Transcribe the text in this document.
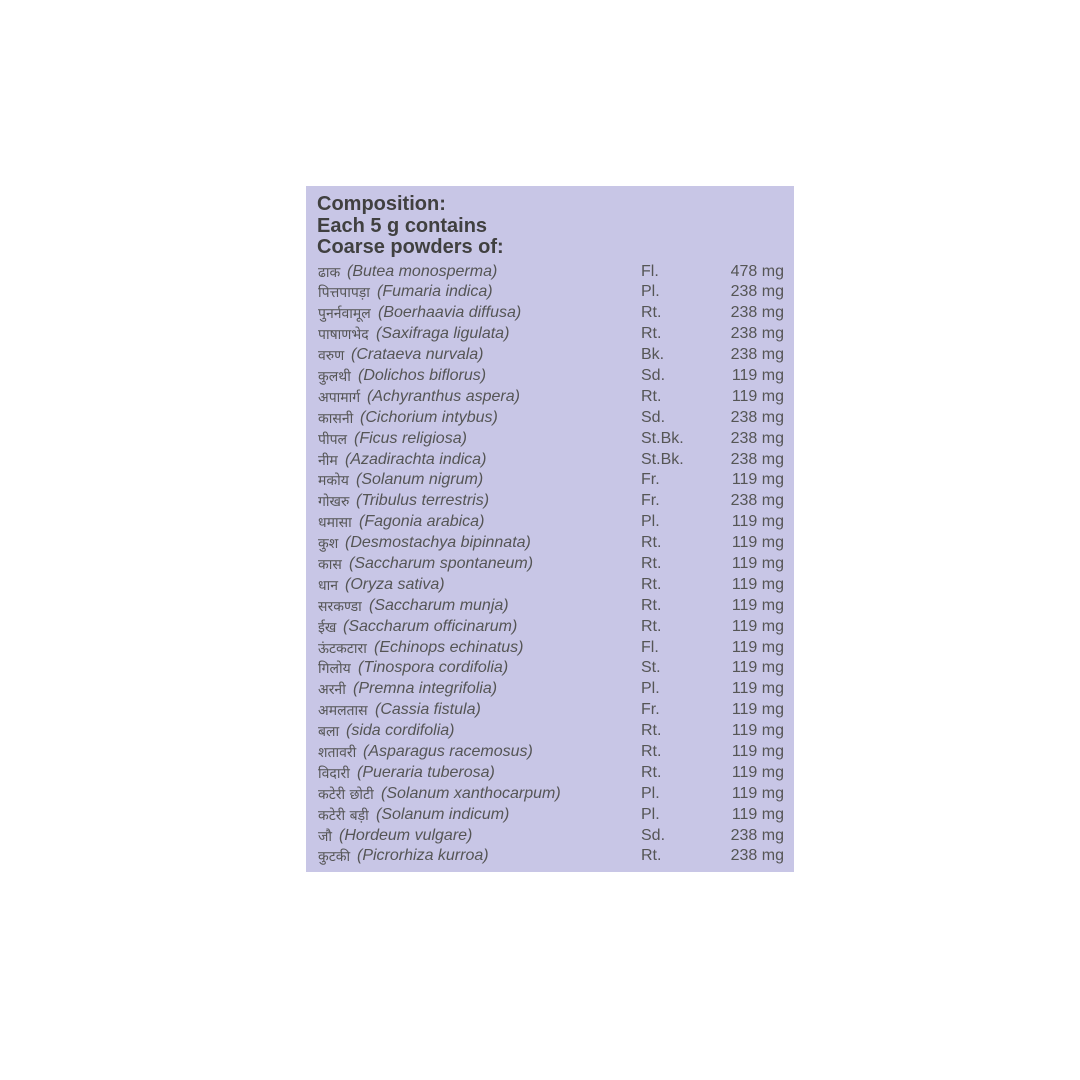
Composition:
Each 5 g contains
Coarse powders of:
ढाक (Butea monosperma)	Fl.	478 mg
पित्तपापड़ा (Fumaria indica)	Pl.	238 mg
पुनर्नवामूल (Boerhaavia diffusa)	Rt.	238 mg
पाषाणभेद (Saxifraga ligulata)	Rt.	238 mg
वरुण (Crataeva nurvala)	Bk.	238 mg
कुलथी (Dolichos biflorus)	Sd.	119 mg
अपामार्ग (Achyranthus aspera)	Rt.	119 mg
कासनी (Cichorium intybus)	Sd.	238 mg
पीपल (Ficus religiosa)	St.Bk.	238 mg
नीम (Azadirachta indica)	St.Bk.	238 mg
मकोय (Solanum nigrum)	Fr.	119 mg
गोखरु (Tribulus terrestris)	Fr.	238 mg
धमासा (Fagonia arabica)	Pl.	119 mg
कुश (Desmostachya bipinnata)	Rt.	119 mg
कास (Saccharum spontaneum)	Rt.	119 mg
धान (Oryza sativa)	Rt.	119 mg
सरकण्डा (Saccharum munja)	Rt.	119 mg
ईख (Saccharum officinarum)	Rt.	119 mg
ऊंटकटारा (Echinops echinatus)	Fl.	119 mg
गिलोय (Tinospora cordifolia)	St.	119 mg
अरनी (Premna integrifolia)	Pl.	119 mg
अमलतास (Cassia fistula)	Fr.	119 mg
बला (sida cordifolia)	Rt.	119 mg
शतावरी (Asparagus racemosus)	Rt.	119 mg
विदारी (Pueraria tuberosa)	Rt.	119 mg
कटेरी छोटी (Solanum xanthocarpum)	Pl.	119 mg
कटेरी बड़ी (Solanum indicum)	Pl.	119 mg
जौ (Hordeum vulgare)	Sd.	238 mg
कुटकी (Picrorhiza kurroa)	Rt.	238 mg
